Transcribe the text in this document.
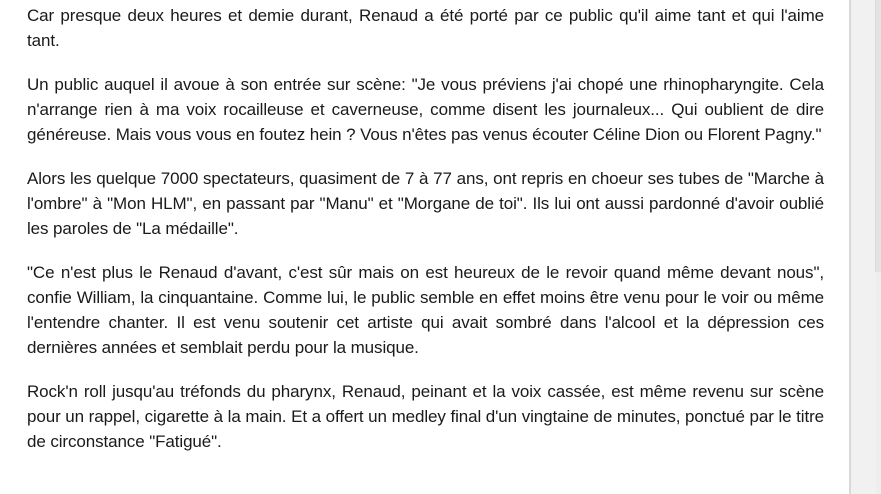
Car presque deux heures et demie durant, Renaud a été porté par ce public qu'il aime tant et qui l'aime tant.

Un public auquel il avoue à son entrée sur scène: "Je vous préviens j'ai chopé une rhinopharyngite. Cela n'arrange rien à ma voix rocailleuse et caverneuse, comme disent les journaleux... Qui oublient de dire généreuse. Mais vous vous en foutez hein ? Vous n'êtes pas venus écouter Céline Dion ou Florent Pagny."

Alors les quelque 7000 spectateurs, quasiment de 7 à 77 ans, ont repris en choeur ses tubes de "Marche à l'ombre" à "Mon HLM", en passant par "Manu" et "Morgane de toi". Ils lui ont aussi pardonné d'avoir oublié les paroles de "La médaille".

"Ce n'est plus le Renaud d'avant, c'est sûr mais on est heureux de le revoir quand même devant nous", confie William, la cinquantaine. Comme lui, le public semble en effet moins être venu pour le voir ou même l'entendre chanter. Il est venu soutenir cet artiste qui avait sombré dans l'alcool et la dépression ces dernières années et semblait perdu pour la musique.

Rock'n roll jusqu'au tréfonds du pharynx, Renaud, peinant et la voix cassée, est même revenu sur scène pour un rappel, cigarette à la main. Et a offert un medley final d'un vingtaine de minutes, ponctué par le titre de circonstance "Fatigué".
